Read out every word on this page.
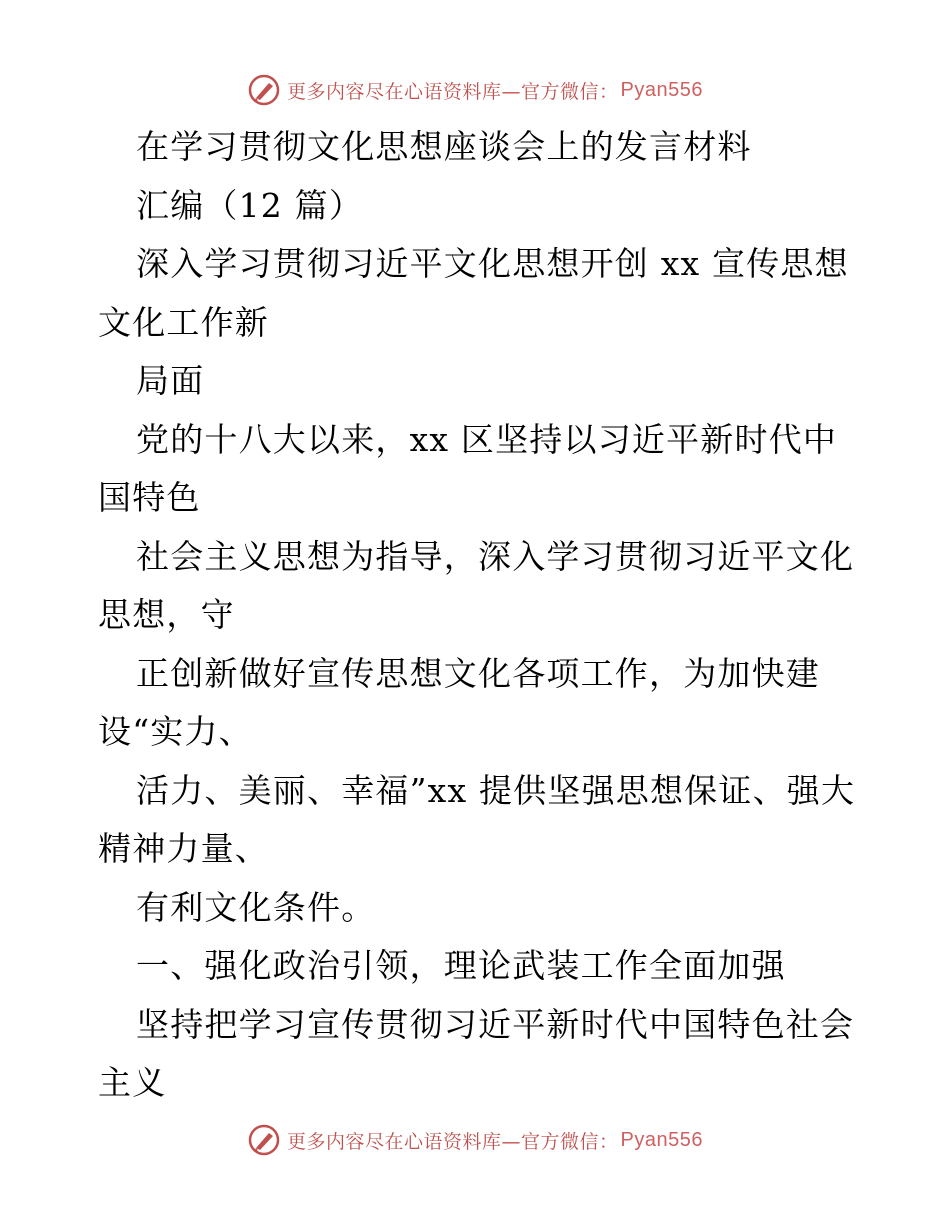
更多内容尽在心语资料库—官方微信： Pyan556

在学习贯彻文化思想座谈会上的发言材料

汇编（12 篇）

深入学习贯彻习近平文化思想开创 xx 宣传思想文化工作新

局面

党的十八大以来，xx 区坚持以习近平新时代中国特色

社会主义思想为指导，深入学习贯彻习近平文化思想，守

正创新做好宣传思想文化各项工作，为加快建设“实力、

活力、美丽、幸福”xx 提供坚强思想保证、强大精神力量、

有利文化条件。

一、强化政治引领，理论武装工作全面加强

坚持把学习宣传贯彻习近平新时代中国特色社会主义

更多内容尽在心语资料库—官方微信： Pyan556
